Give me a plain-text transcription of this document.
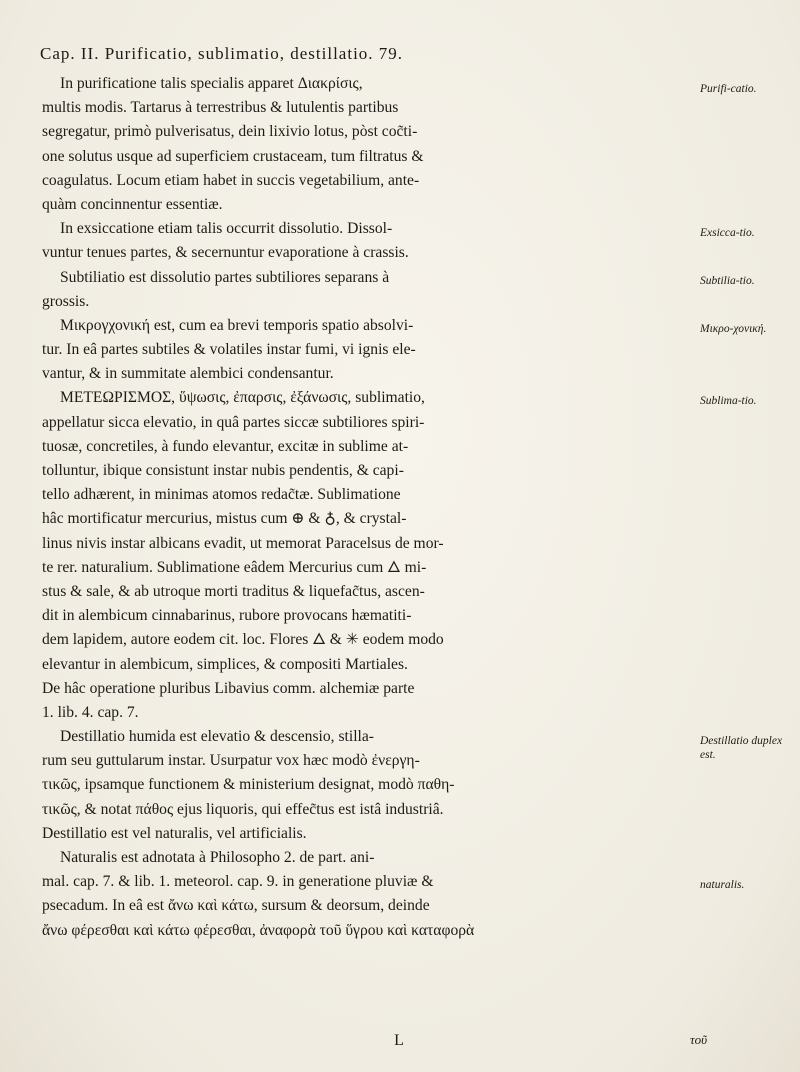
Cap. II. Purificatio, sublimatio, destillatio. 79.
In purificatione talis specialis apparet Διακρίσις,
multis modis. Tartarus à terrestribus & lutulentis partibus
segregatur, primò pulverisatus, dein lixivio lotus, pòst coc̃ti-
one solutus usque ad superficiem crustaceam, tum filtratus &
coagulatus. Locum etiam habet in succis vegetabilium, ante-
quàm concinnentur essentiæ.
In exsiccatione etiam talis occurrit dissolutio. Dissol-
vuntur tenues partes, & secernuntur evaporatione à crassis.
Subtiliatio est dissolutio partes subtiliores separans à
grossis.
Μικρογχονική est, cum ea brevi temporis spatio absolvi-
tur. In eâ partes subtiles & volatiles instar fumi, vi ignis ele-
vantur, & in summitate alembici condensantur.
ΜΕΤΕΩΡΙΣΜΟΣ, ὕψωσις, ἐπαρσις, ἐξάνωσις, sublimatio,
appellatur sicca elevatio, in quâ partes siccæ subtiliores spiri-
tuosæ, concretiles, à fundo elevantur, excitæ in sublime at-
tolluntur, ibique consistunt instar nubis pendentis, & capi-
tello adhærent, in minimas atomos redac̃tæ. Sublimatione
hâc mortificatur mercurius, mistus cum ⊕ & ♁, & crystal-
linus nivis instar albicans evadit, ut memorat Paracelsus de mor-
te rer. naturalium. Sublimatione eâdem Mercurius cum 🜂 mi-
stus & sale, & ab utroque morti traditus & liquefac̃tus, ascen-
dit in alembicum cinnabarinus, rubore provocans hæmatiti-
dem lapidem, autore eodem cit. loc. Flores 🜂 & ✳ eodem modo
elevantur in alembicum, simplices, & compositi Martiales.
De hâc operatione pluribus Libavius comm. alchemiæ parte
1. lib. 4. cap. 7.
Destillatio humida est elevatio & descensio, stilla-
rum seu guttularum instar. Usurpatur vox hæc modò ἐνεργη-
τικῶς, ipsamque functionem & ministerium designat, modò παθη-
τικῶς, & notat πάθος ejus liquoris, qui effec̃tus est istâ industriâ.
Destillatio est vel naturalis, vel artificialis.
Naturalis est adnotata à Philosopho 2. de part. ani-
mal. cap. 7. & lib. 1. meteorol. cap. 9. in generatione pluviæ &
psecadum. In eâ est ἄνω καὶ κάτω, sursum & deorsum, deinde
ἄνω φέρεσθαι καὶ κάτω φέρεσθαι, ἀναφορὰ τοῦ ὕγρου καὶ καταφορὰ
Purifi-catio.
Exsicca-tio.
Subtilia-tio.
Μικρο-χονική.
Sublima-tio.
Destillatio duplex est.
naturalis.
L	τοῦ
